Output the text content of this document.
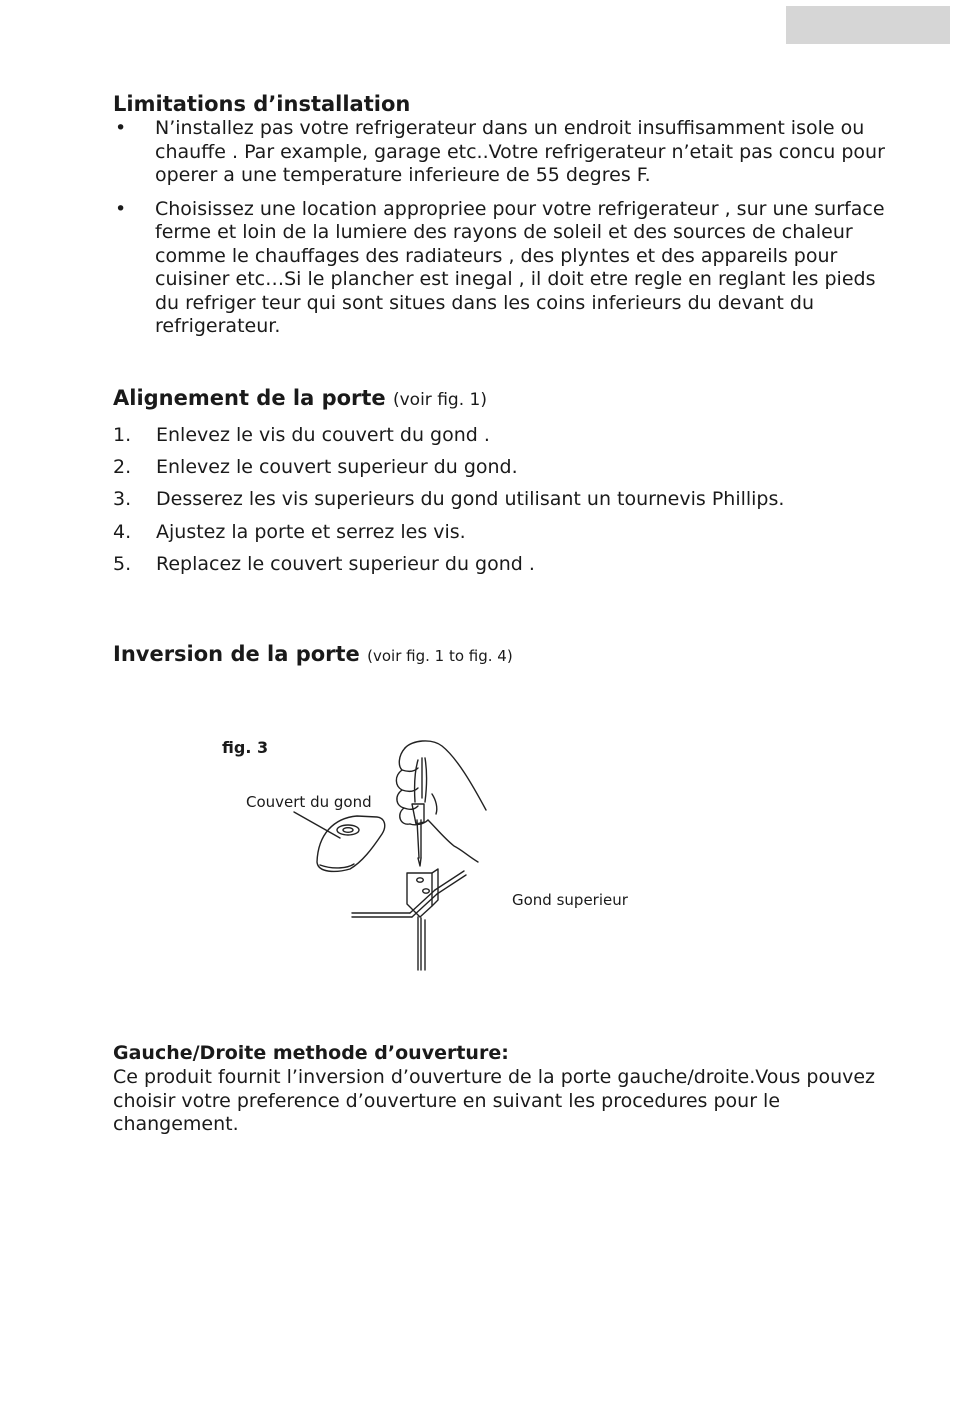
Limitations d’installation
• N’installez pas votre refrigerateur dans un endroit insuffisamment isole ou chauffe . Par example, garage etc..Votre refrigerateur n’etait pas concu pour operer a une temperature inferieure de 55 degres F.
• Choisissez une location appropriee pour votre refrigerateur , sur une surface ferme et loin de la lumiere des rayons de soleil et des sources de chaleur comme le chauffages des radiateurs , des plyntes et des appareils pour cuisiner etc…Si le plancher est inegal , il doit etre regle en reglant les pieds du refriger teur qui sont situes dans les coins inferieurs du devant du refrigerateur.
Alignement de la porte (voir fig. 1)
1. Enlevez le vis du couvert du gond .
2. Enlevez le couvert superieur du gond.
3. Desserez les vis superieurs du gond utilisant un tournevis Phillips.
4. Ajustez la porte et serrez les vis.
5. Replacez le couvert superieur du gond .
Inversion de la porte (voir fig. 1 to fig. 4)
fig. 3
Couvert du gond
Gond superieur
Gauche/Droite methode d’ouverture:

Ce produit fournit l’inversion d’ouverture de la porte gauche/droite.Vous pouvez choisir votre preference d’ouverture en suivant les procedures pour le changement.
